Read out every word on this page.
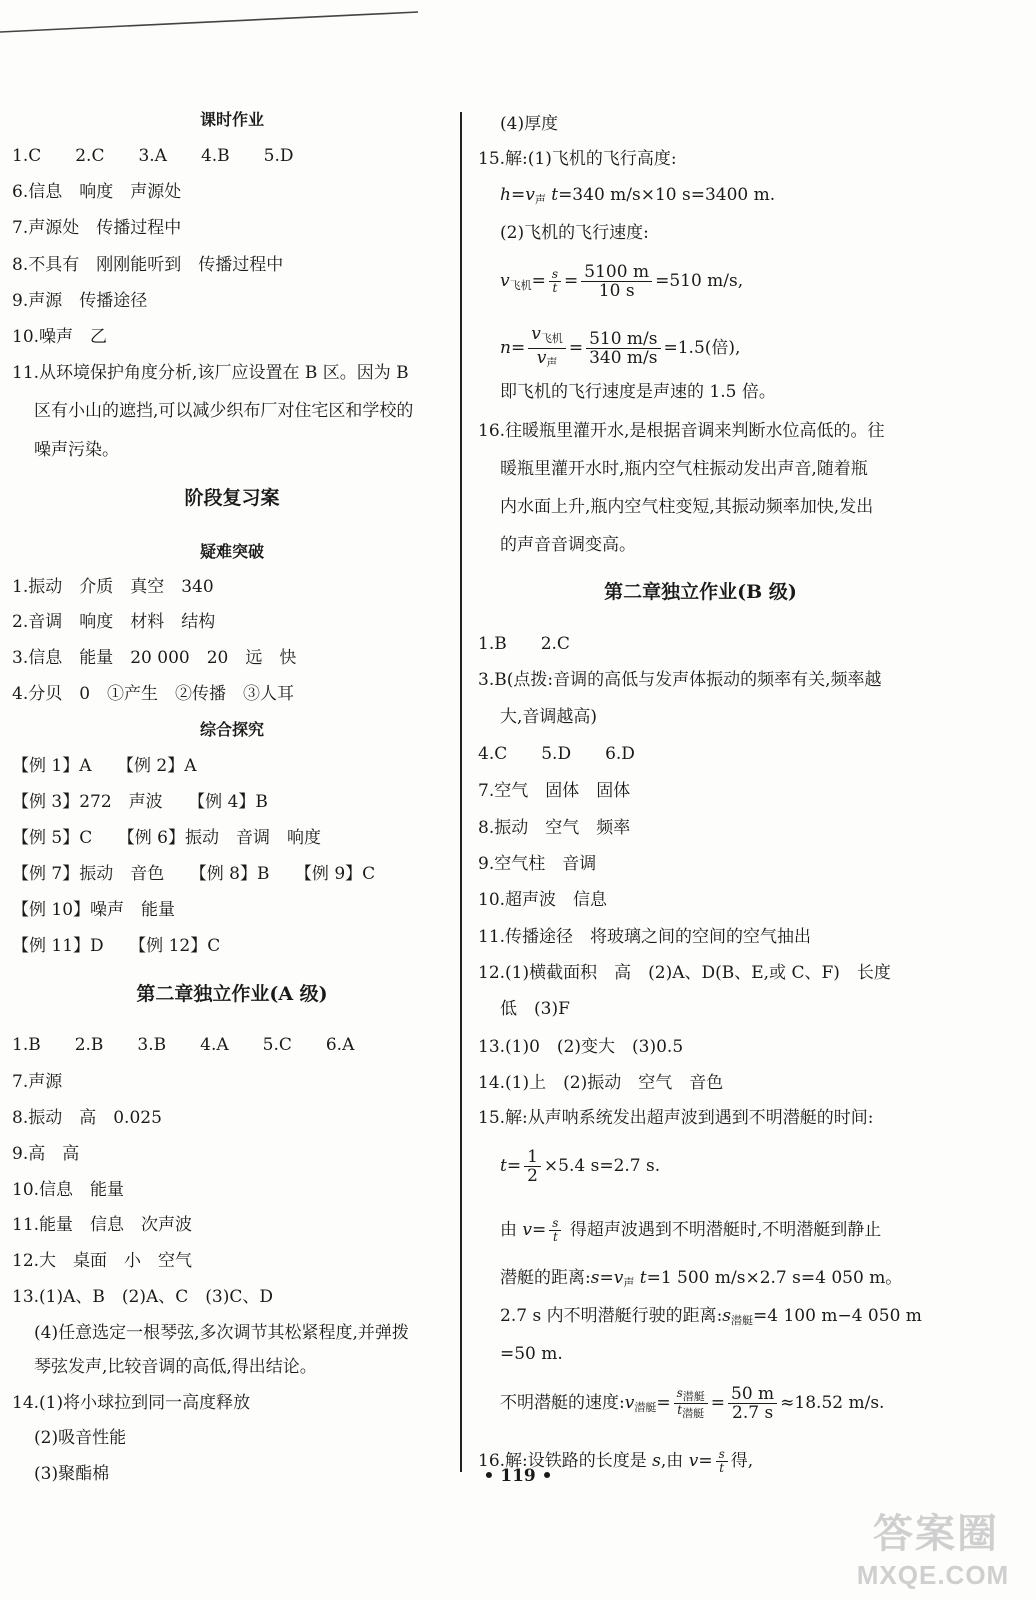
课时作业
1.C　　2.C　　3.A　　4.B　　5.D
6.信息　响度　声源处
7.声源处　传播过程中
8.不具有　刚刚能听到　传播过程中
9.声源　传播途径
10.噪声　乙
11.从环境保护角度分析,该厂应设置在 B 区。因为 B
区有小山的遮挡,可以减少织布厂对住宅区和学校的
噪声污染。
阶段复习案
疑难突破
1.振动　介质　真空　340
2.音调　响度　材料　结构
3.信息　能量　20 000　20　远　快
4.分贝　0　①产生　②传播　③人耳
综合探究
【例 1】A　　【例 2】A
【例 3】272　声波　　【例 4】B
【例 5】C　　【例 6】振动　音调　响度
【例 7】振动　音色　　【例 8】B　　【例 9】C
【例 10】噪声　能量
【例 11】D　　【例 12】C
第二章独立作业(A 级)
1.B　　2.B　　3.B　　4.A　　5.C　　6.A
7.声源
8.振动　高　0.025
9.高　高
10.信息　能量
11.能量　信息　次声波
12.大　桌面　小　空气
13.(1)A、B　(2)A、C　(3)C、D
(4)任意选定一根琴弦,多次调节其松紧程度,并弹拨
琴弦发声,比较音调的高低,得出结论。
14.(1)将小球拉到同一高度释放
(2)吸音性能
(3)聚酯棉
(4)厚度
15.解:(1)飞机的飞行高度:
$h=v_声$ t=340 m/s×10 s=3400 m.
(2)飞机的飞行速度:
$v_{飞机}= \frac{s}{t} = \frac{5100 m}{10 s} =510$ m/s,
$n= \frac{v_{飞机}}{v_声} = \frac{510 m/s}{340 m/s} =1.5$(倍),
即飞机的飞行速度是声速的 1.5 倍。
16.往暖瓶里灌开水,是根据音调来判断水位高低的。往
暖瓶里灌开水时,瓶内空气柱振动发出声音,随着瓶
内水面上升,瓶内空气柱变短,其振动频率加快,发出
的声音音调变高。
第二章独立作业(B 级)
1.B　　2.C
3.B(点拨:音调的高低与发声体振动的频率有关,频率越
大,音调越高)
4.C　　5.D　　6.D
7.空气　固体　固体
8.振动　空气　频率
9.空气柱　音调
10.超声波　信息
11.传播途径　将玻璃之间的空间的空气抽出
12.(1)横截面积　高　(2)A、D(B、E,或 C、F)　长度
低　(3)F
13.(1)0　(2)变大　(3)0.5
14.(1)上　(2)振动　空气　音色
15.解:从声呐系统发出超声波到遇到不明潜艇的时间:
$t= \frac{1}{2} \times 5.4$ s=2.7 s.
由 $v= \frac{s}{t}$ 得超声波遇到不明潜艇时,不明潜艇到静止
潜艇的距离$:s=v_声$ t=1 500 m/s×2.7 s=4 050 m。
2.7 s 内不明潜艇行驶的距离$:s_{潜艇}=4$ 100 m−4 050 m
=50 m.
不明潜艇的速度$:v_{潜艇}= \frac{\text{s潜艇}}{\text{t潜艇}} = \frac{50 m}{2.7 s} \approx 18.52$ m/s.
16.解:设铁路的长度是 s,由 $v= \frac{s}{t}$ 得,
• 119 •
答案圈
MXQE.COM
